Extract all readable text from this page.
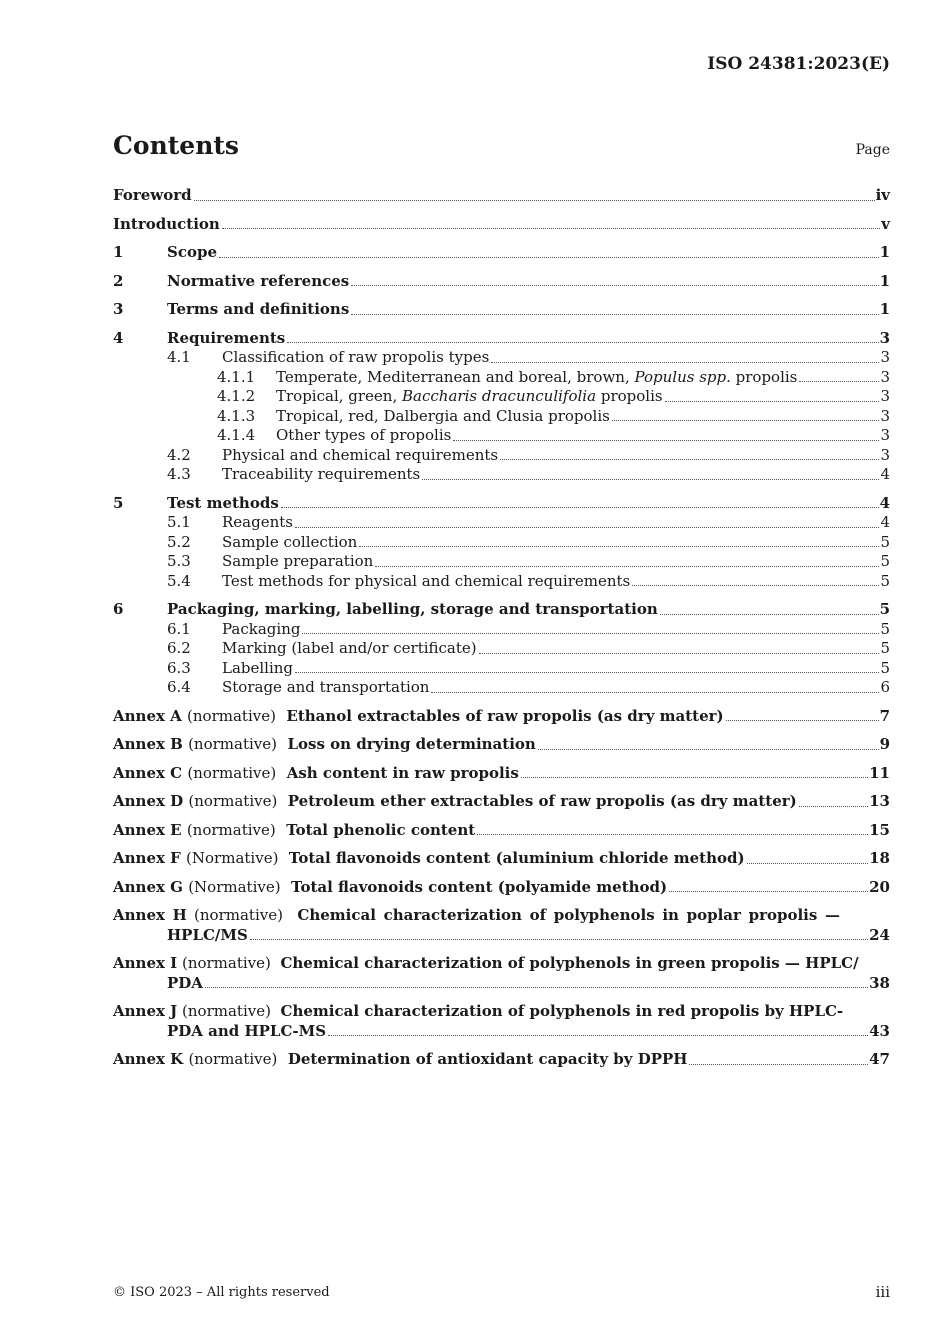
ISO 24381:2023(E)
Contents	Page
Foreword	iv
Introduction	v
1	Scope	1
2	Normative references	1
3	Terms and definitions	1
4	Requirements	3
4.1	Classification of raw propolis types	3
4.1.1	Temperate, Mediterranean and boreal, brown, Populus spp. propolis	3
4.1.2	Tropical, green, Baccharis dracunculifolia propolis	3
4.1.3	Tropical, red, Dalbergia and Clusia propolis	3
4.1.4	Other types of propolis	3
4.2	Physical and chemical requirements	3
4.3	Traceability requirements	4
5	Test methods	4
5.1	Reagents	4
5.2	Sample collection	5
5.3	Sample preparation	5
5.4	Test methods for physical and chemical requirements	5
6	Packaging, marking, labelling, storage and transportation	5
6.1	Packaging	5
6.2	Marking (label and/or certificate)	5
6.3	Labelling	5
6.4	Storage and transportation	6
Annex A (normative) Ethanol extractables of raw propolis (as dry matter)	7
Annex B (normative) Loss on drying determination	9
Annex C (normative) Ash content in raw propolis	11
Annex D (normative) Petroleum ether extractables of raw propolis (as dry matter)	13
Annex E (normative) Total phenolic content	15
Annex F (Normative) Total flavonoids content (aluminium chloride method)	18
Annex G (Normative) Total flavonoids content (polyamide method)	20
Annex H (normative) Chemical characterization of polyphenols in poplar propolis —
HPLC/MS	24
Annex I (normative) Chemical characterization of polyphenols in green propolis — HPLC/
PDA	38
Annex J (normative) Chemical characterization of polyphenols in red propolis by HPLC-
PDA and HPLC-MS	43
Annex K (normative) Determination of antioxidant capacity by DPPH	47
© ISO 2023 – All rights reserved	iii
